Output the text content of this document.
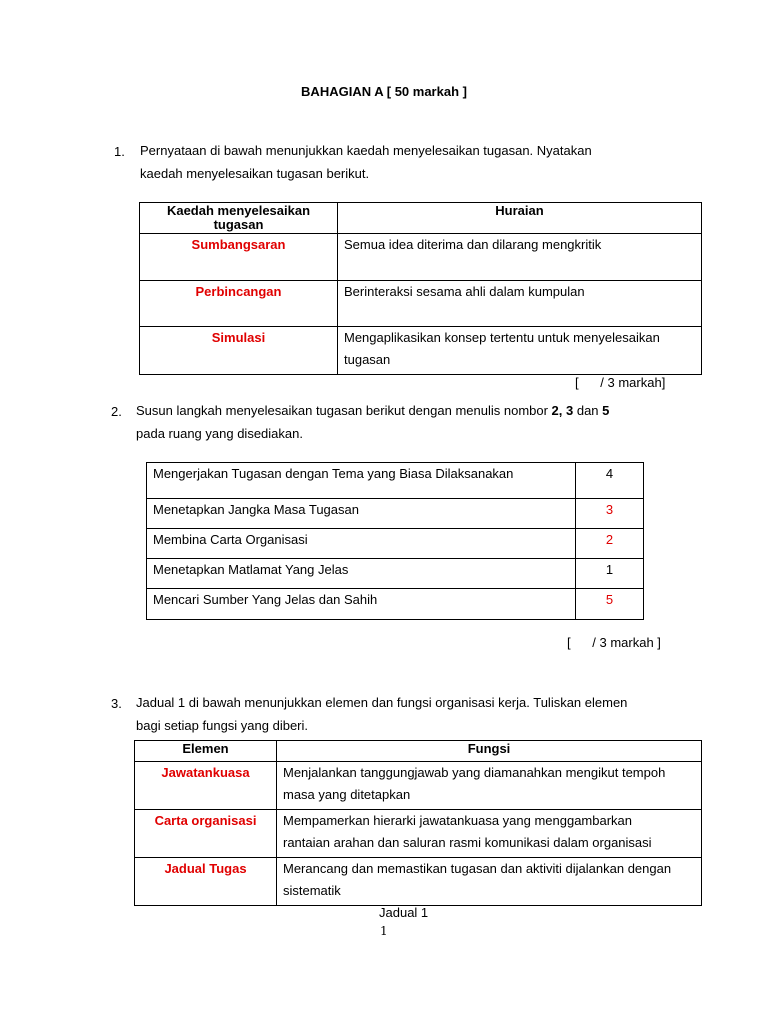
BAHAGIAN A [ 50 markah ]
1. Pernyataan di bawah menunjukkan kaedah menyelesaikan tugasan. Nyatakan
kaedah menyelesaikan tugasan berikut.
Kaedah menyelesaikan tugasan	Huraian
Sumbangsaran	Semua idea diterima dan dilarang mengkritik

Perbincangan	Berinteraksi sesama ahli dalam kumpulan

Simulasi	Mengaplikasikan konsep tertentu untuk menyelesaikan
tugasan
[      / 3 markah]
2. Susun langkah menyelesaikan tugasan berikut dengan menulis nombor 2, 3 dan 5
pada ruang yang disediakan.
Mengerjakan Tugasan dengan Tema yang Biasa Dilaksanakan	4
Menetapkan Jangka Masa Tugasan	3
Membina Carta Organisasi	2
Menetapkan Matlamat Yang Jelas	1
Mencari Sumber Yang Jelas dan Sahih	5
[      / 3 markah ]
3. Jadual 1 di bawah menunjukkan elemen dan fungsi organisasi kerja. Tuliskan elemen
bagi setiap fungsi yang diberi.
Elemen	Fungsi
Jawatankuasa	Menjalankan tanggungjawab yang diamanahkan mengikut tempoh
masa yang ditetapkan

Carta organisasi	Mempamerkan hierarki jawatankuasa yang menggambarkan
rantaian arahan dan saluran rasmi komunikasi dalam organisasi

Jadual Tugas	Merancang dan memastikan tugasan dan aktiviti dijalankan dengan
sistematik
Jadual 1
1
